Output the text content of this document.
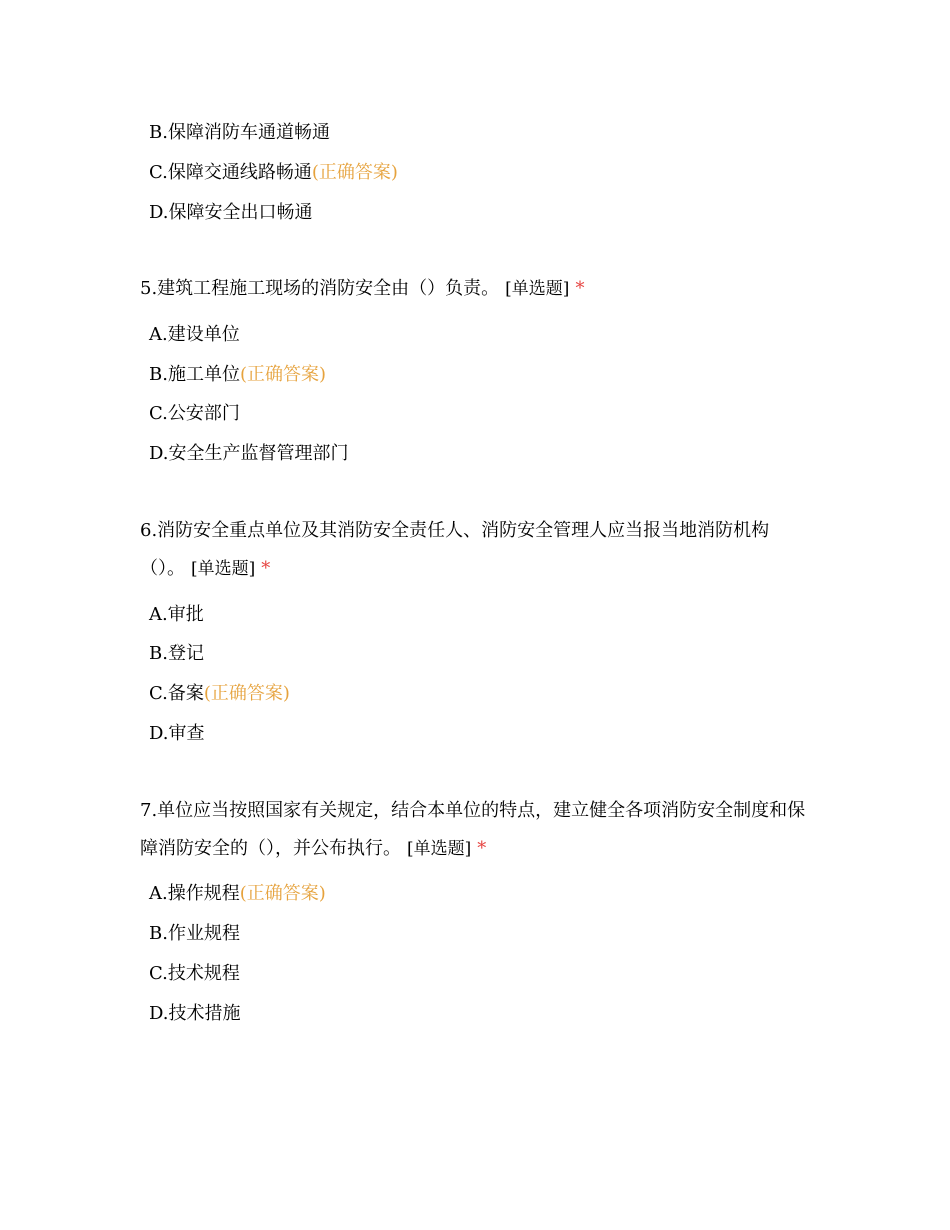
B.保障消防车通道畅通
C.保障交通线路畅通(正确答案)
D.保障安全出口畅通
5.建筑工程施工现场的消防安全由（）负责。 [单选题] *
A.建设单位
B.施工单位(正确答案)
C.公安部门
D.安全生产监督管理部门
6.消防安全重点单位及其消防安全责任人、消防安全管理人应当报当地消防机构（）。 [单选题] *
A.审批
B.登记
C.备案(正确答案)
D.审查
7.单位应当按照国家有关规定，结合本单位的特点，建立健全各项消防安全制度和保障消防安全的（），并公布执行。 [单选题] *
A.操作规程(正确答案)
B.作业规程
C.技术规程
D.技术措施
